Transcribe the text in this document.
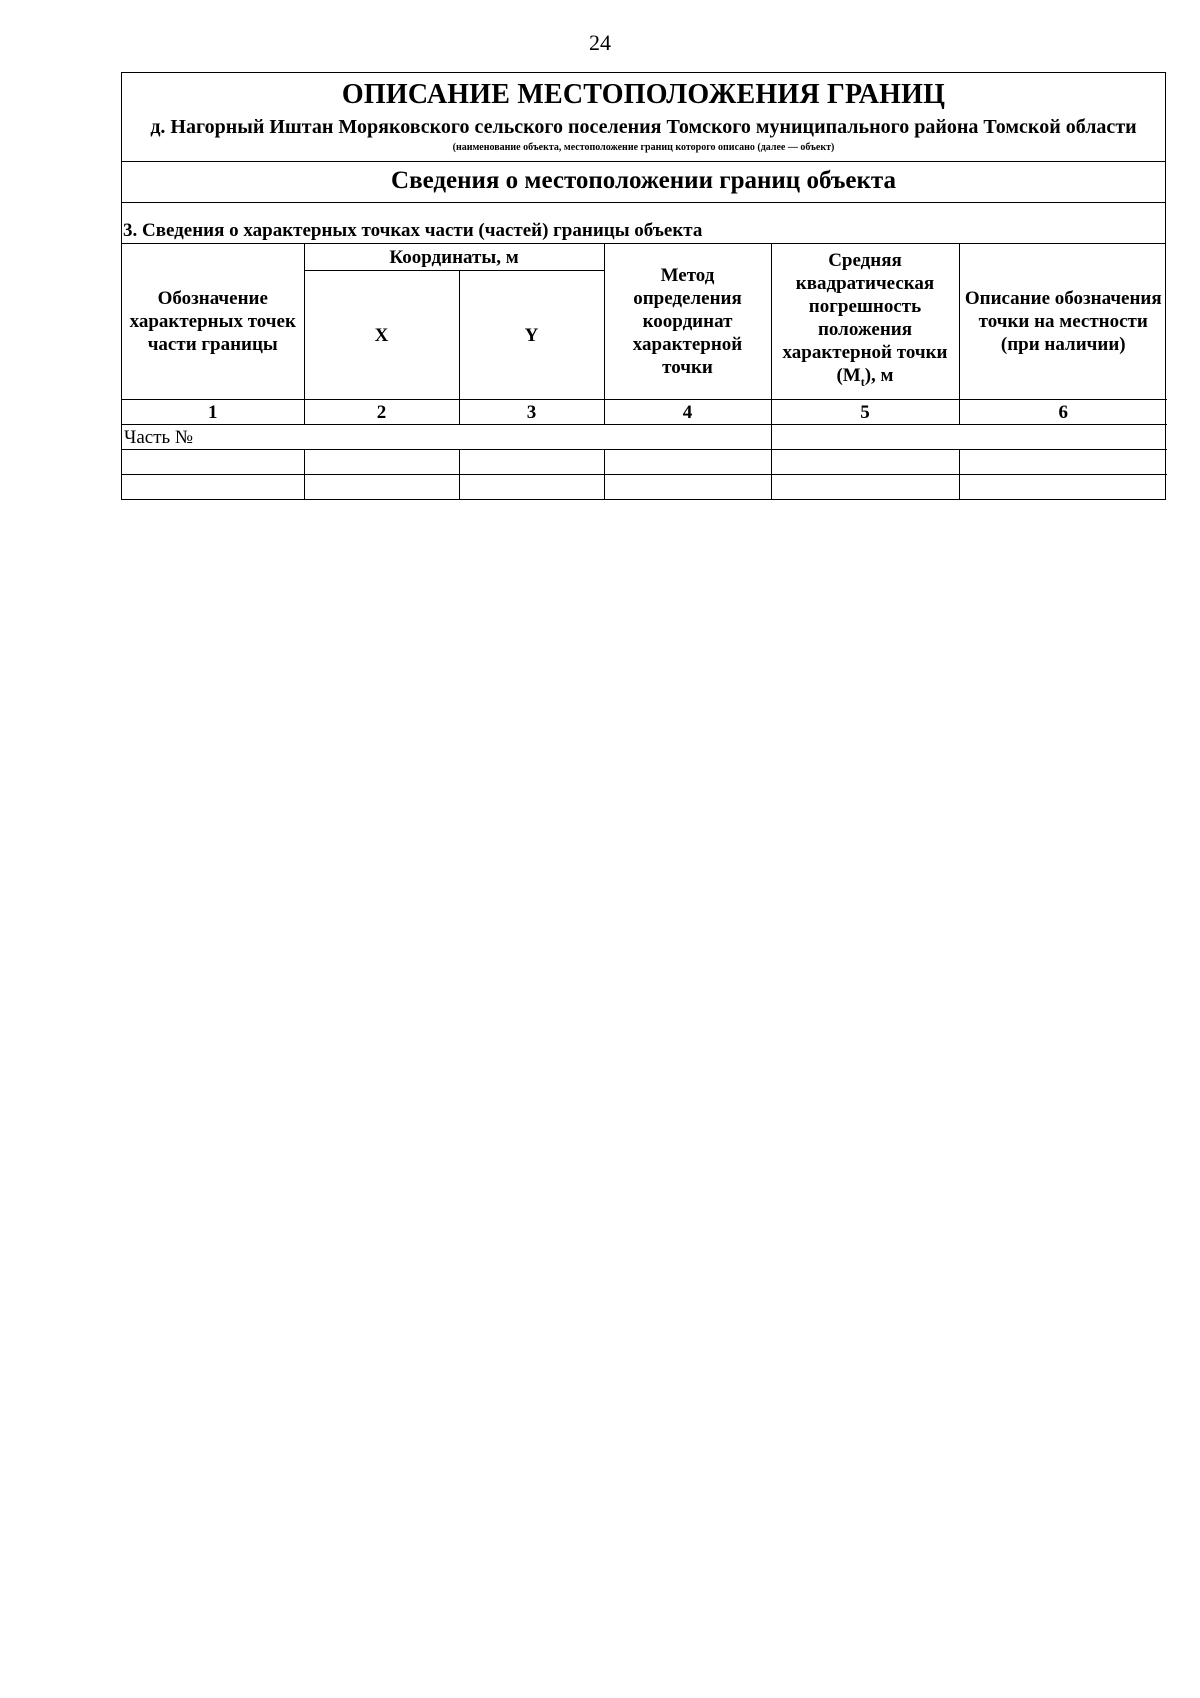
24
ОПИСАНИЕ МЕСТОПОЛОЖЕНИЯ ГРАНИЦ
д. Нагорный Иштан Моряковского сельского поселения Томского муниципального района Томской области
(наименование объекта, местоположение границ которого описано (далее — объект)
Сведения о местоположении границ объекта
3. Сведения о характерных точках части (частей) границы объекта
Обозначение характерных точек части границы	Координаты, м		Метод определения координат характерной точки	Средняя квадратическая погрешность положения характерной точки $(M_t)$, м	Описание обозначения точки на местности (при наличии)
	X	Y			
1	2	3	4	5	6
Часть №					
